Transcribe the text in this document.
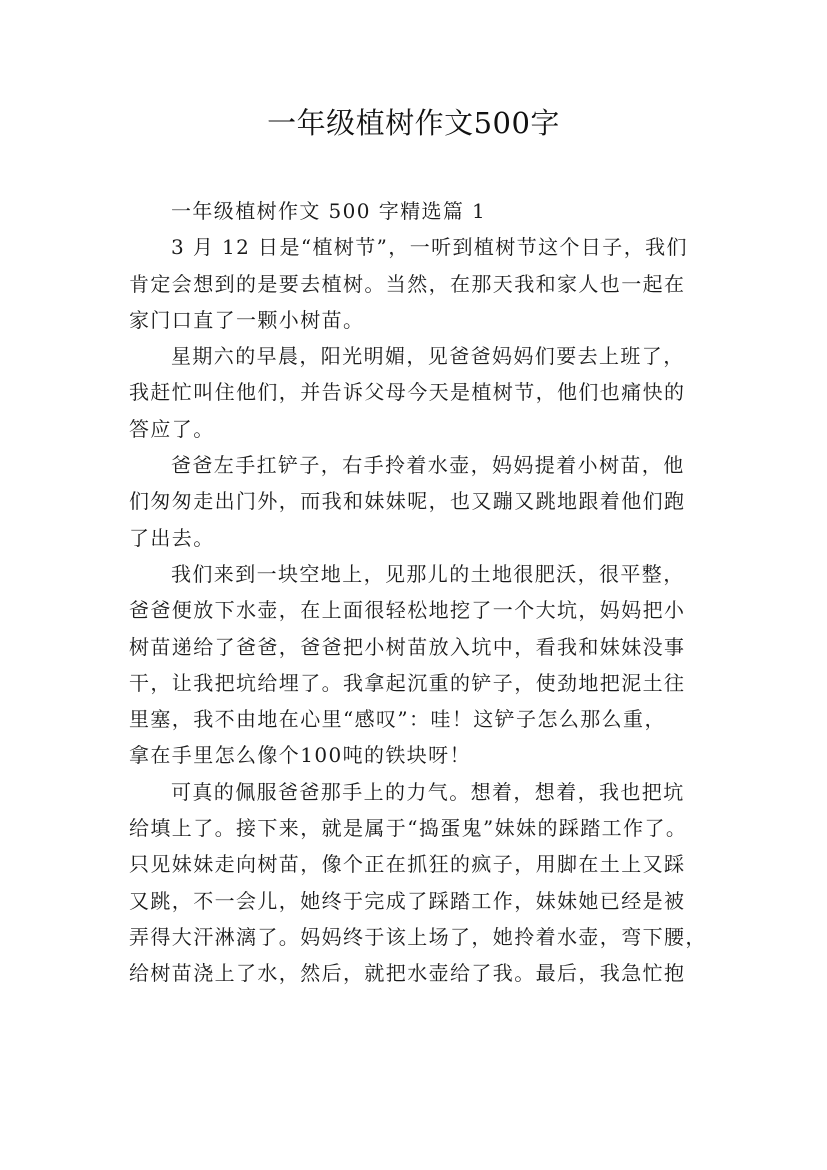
一年级植树作文500字

一年级植树作文 500 字精选篇 1

3 月 12 日是“植树节”，一听到植树节这个日子，我们
肯定会想到的是要去植树。当然，在那天我和家人也一起在
家门口直了一颗小树苗。

星期六的早晨，阳光明媚，见爸爸妈妈们要去上班了，
我赶忙叫住他们，并告诉父母今天是植树节，他们也痛快的
答应了。

爸爸左手扛铲子，右手拎着水壶，妈妈提着小树苗，他
们匆匆走出门外，而我和妹妹呢，也又蹦又跳地跟着他们跑
了出去。

我们来到一块空地上，见那儿的土地很肥沃，很平整，
爸爸便放下水壶，在上面很轻松地挖了一个大坑，妈妈把小
树苗递给了爸爸，爸爸把小树苗放入坑中，看我和妹妹没事
干，让我把坑给埋了。我拿起沉重的铲子，使劲地把泥土往
里塞，我不由地在心里“感叹”：哇！这铲子怎么那么重，
拿在手里怎么像个100吨的铁块呀！

可真的佩服爸爸那手上的力气。想着，想着，我也把坑
给填上了。接下来，就是属于“捣蛋鬼”妹妹的踩踏工作了。
只见妹妹走向树苗，像个正在抓狂的疯子，用脚在土上又踩
又跳，不一会儿，她终于完成了踩踏工作，妹妹她已经是被
弄得大汗淋漓了。妈妈终于该上场了，她拎着水壶，弯下腰，
给树苗浇上了水，然后，就把水壶给了我。最后，我急忙抱
